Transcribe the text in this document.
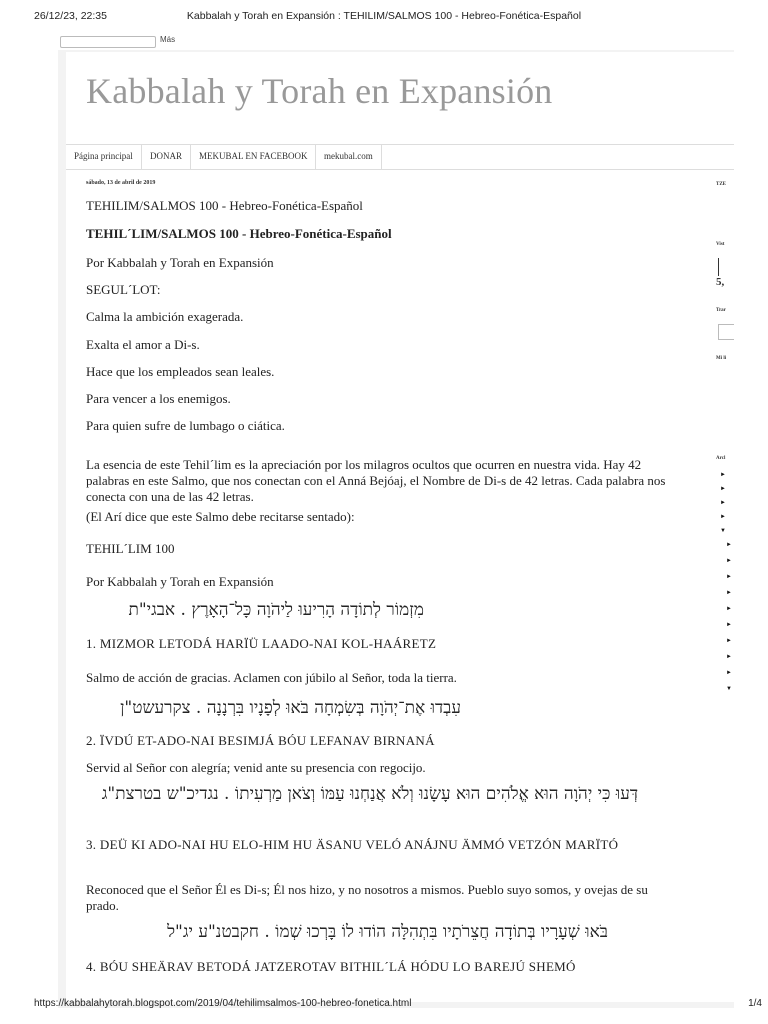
26/12/23, 22:35	Kabbalah y Torah en Expansión : TEHILIM/SALMOS 100 - Hebreo-Fonética-Español
Más
Kabbalah y Torah en Expansión
Página principal	DONAR	MEKUBAL EN FACEBOOK	mekubal.com
sábado, 13 de abril de 2019
TEHILIM/SALMOS 100 - Hebreo-Fonética-Español
TEHIL´LIM/SALMOS 100 - Hebreo-Fonética-Español
Por Kabbalah y Torah en Expansión
SEGUL´LOT:
Calma la ambición exagerada.
Exalta el amor a Di-s.
Hace que los empleados sean leales.
Para vencer a los enemigos.
Para quien sufre de lumbago o ciática.
La esencia de este Tehil´lim es la apreciación por los milagros ocultos que ocurren en nuestra vida. Hay 42 palabras en este Salmo, que nos conectan con el Anná Bejóaj, el Nombre de Di-s de 42 letras. Cada palabra nos conecta con una de las 42 letras.
(El Arí dice que este Salmo debe recitarse sentado):
TEHIL´LIM 100
Por Kabbalah y Torah en Expansión
מִזְמוֹר לְתוֹדָה הָרִיעוּ לַיהֹוָה כָּל־הָאָרֶץ . אבגי"ת
1. MIZMOR LETODÁ HARÏÜ LAADO-NAI KOL-HAÁRETZ
Salmo de acción de gracias. Aclamen con júbilo al Señor, toda la tierra.
עִבְדוּ אֶת־יְהֹוָה בְּשִׂמְחָה בֹּאוּ לְפָנָיו בִּרְנָנָה . צקרעשט"ן
2. ÏVDÚ ET-ADO-NAI BESIMJÁ BÓU LEFANAV BIRNANÁ
Servid al Señor con alegría; venid ante su presencia con regocijo.
דְּעוּ כִּי יְהֹוָה הוּא אֱלֹהִים הוּא עָשָׂנוּ וְלֹא אֲנַחְנוּ עַמּוֹ וְצֹאן מַרְעִיתוֹ . נגדיכ"ש בטרצת"ג
3. DEÜ KI ADO-NAI HU ELO-HIM HU ÄSANU VELÓ ANÁJNU ÄMMÓ VETZÓN MARÏTÓ
Reconoced que el Señor Él es Di-s; Él nos hizo, y no nosotros a mismos. Pueblo suyo somos, y ovejas de su prado.
בֹּאוּ שְׁעָרָיו בְּתוֹדָה חֲצֵרֹתָיו בִּתְהִלָּה הוֹדוּ לוֹ בָּרְכוּ שְׁמוֹ . חקבטנ"ע יג"ל
4. BÓU SHEÄRAV BETODÁ JATZEROTAV BITHIL´LÁ HÓDU LO BAREJÚ SHEMÓ
TZE
Vist
5,
Trar
Mi li
Arcl
►
►
►
►
▼
►
►
►
►
►
►
►
►
►
▼
https://kabbalahytorah.blogspot.com/2019/04/tehilimsalmos-100-hebreo-fonetica.html	1/4
